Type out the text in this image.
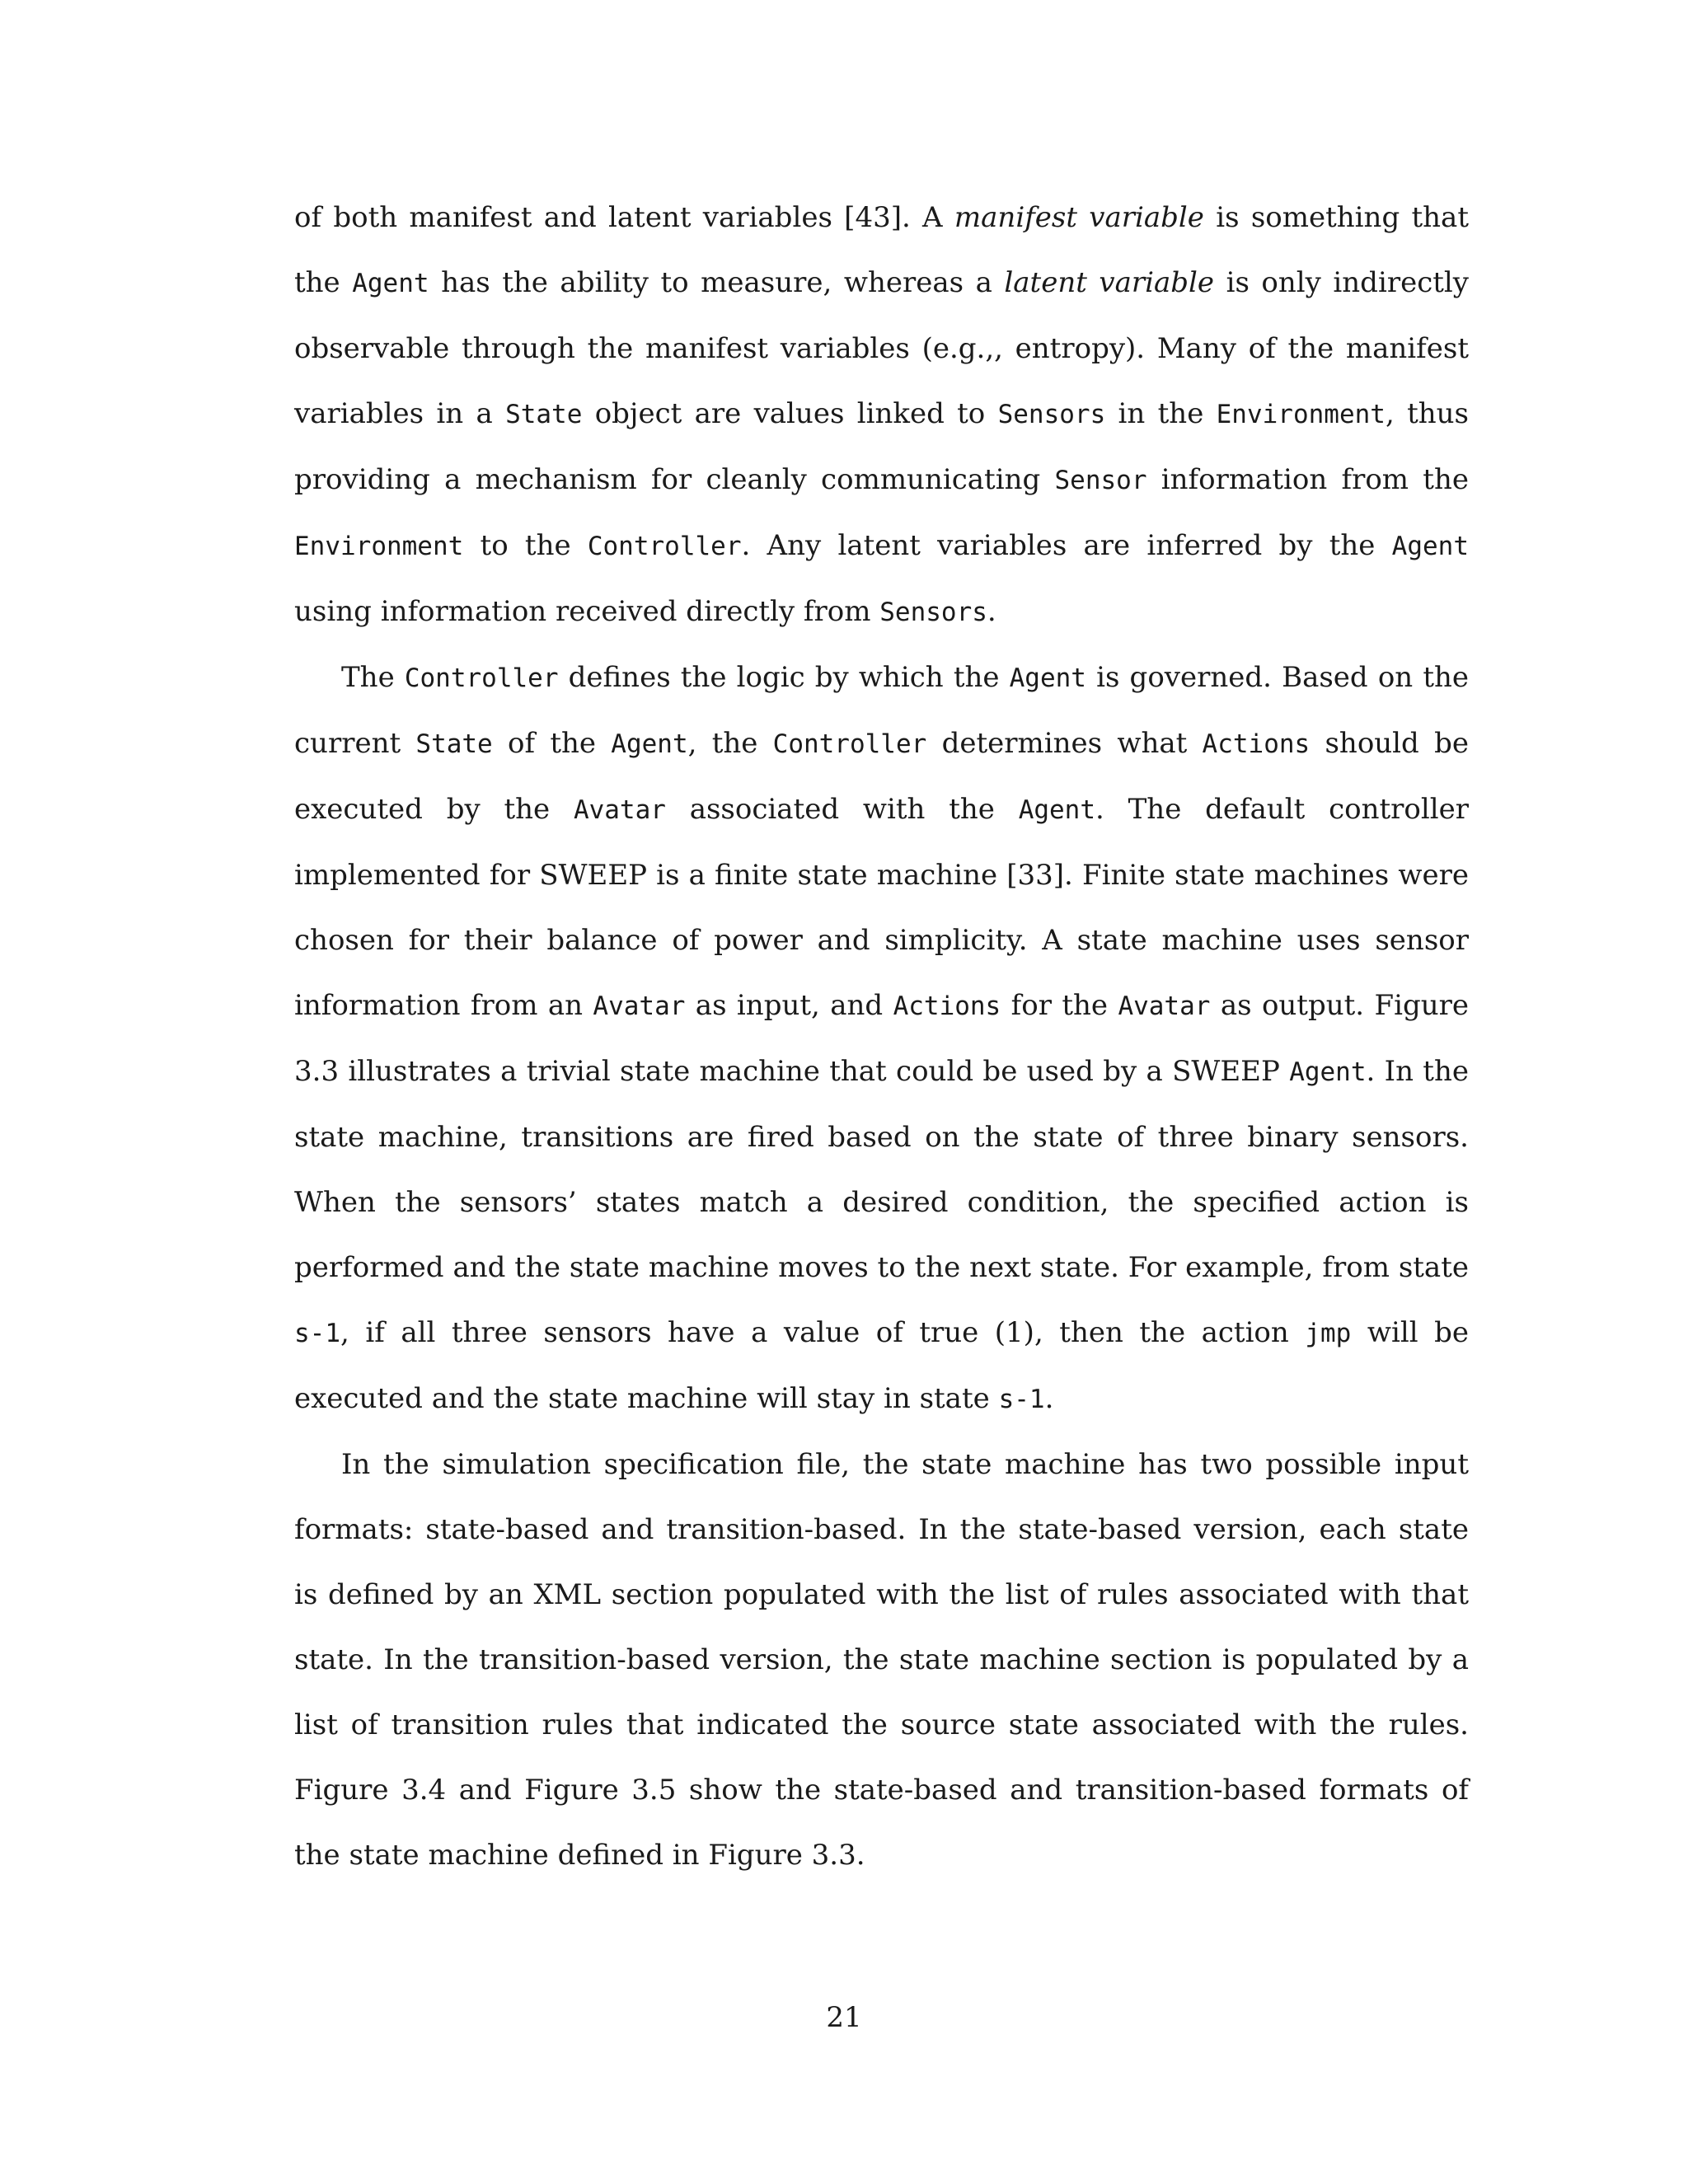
of both manifest and latent variables [43]. A manifest variable is something that the Agent has the ability to measure, whereas a latent variable is only indirectly observable through the manifest variables (e.g.,, entropy). Many of the manifest variables in a State object are values linked to Sensors in the Environment, thus providing a mechanism for cleanly communicating Sensor information from the Environment to the Controller. Any latent variables are inferred by the Agent using information received directly from Sensors.

The Controller defines the logic by which the Agent is governed. Based on the current State of the Agent, the Controller determines what Actions should be executed by the Avatar associated with the Agent. The default controller implemented for SWEEP is a finite state machine [33]. Finite state machines were chosen for their balance of power and simplicity. A state machine uses sensor information from an Avatar as input, and Actions for the Avatar as output. Figure 3.3 illustrates a trivial state machine that could be used by a SWEEP Agent. In the state machine, transitions are fired based on the state of three binary sensors. When the sensors’ states match a desired condition, the specified action is performed and the state machine moves to the next state. For example, from state s-1, if all three sensors have a value of true (1), then the action jmp will be executed and the state machine will stay in state s-1.

In the simulation specification file, the state machine has two possible input formats: state-based and transition-based. In the state-based version, each state is defined by an XML section populated with the list of rules associated with that state. In the transition-based version, the state machine section is populated by a list of transition rules that indicated the source state associated with the rules. Figure 3.4 and Figure 3.5 show the state-based and transition-based formats of the state machine defined in Figure 3.3.

21
